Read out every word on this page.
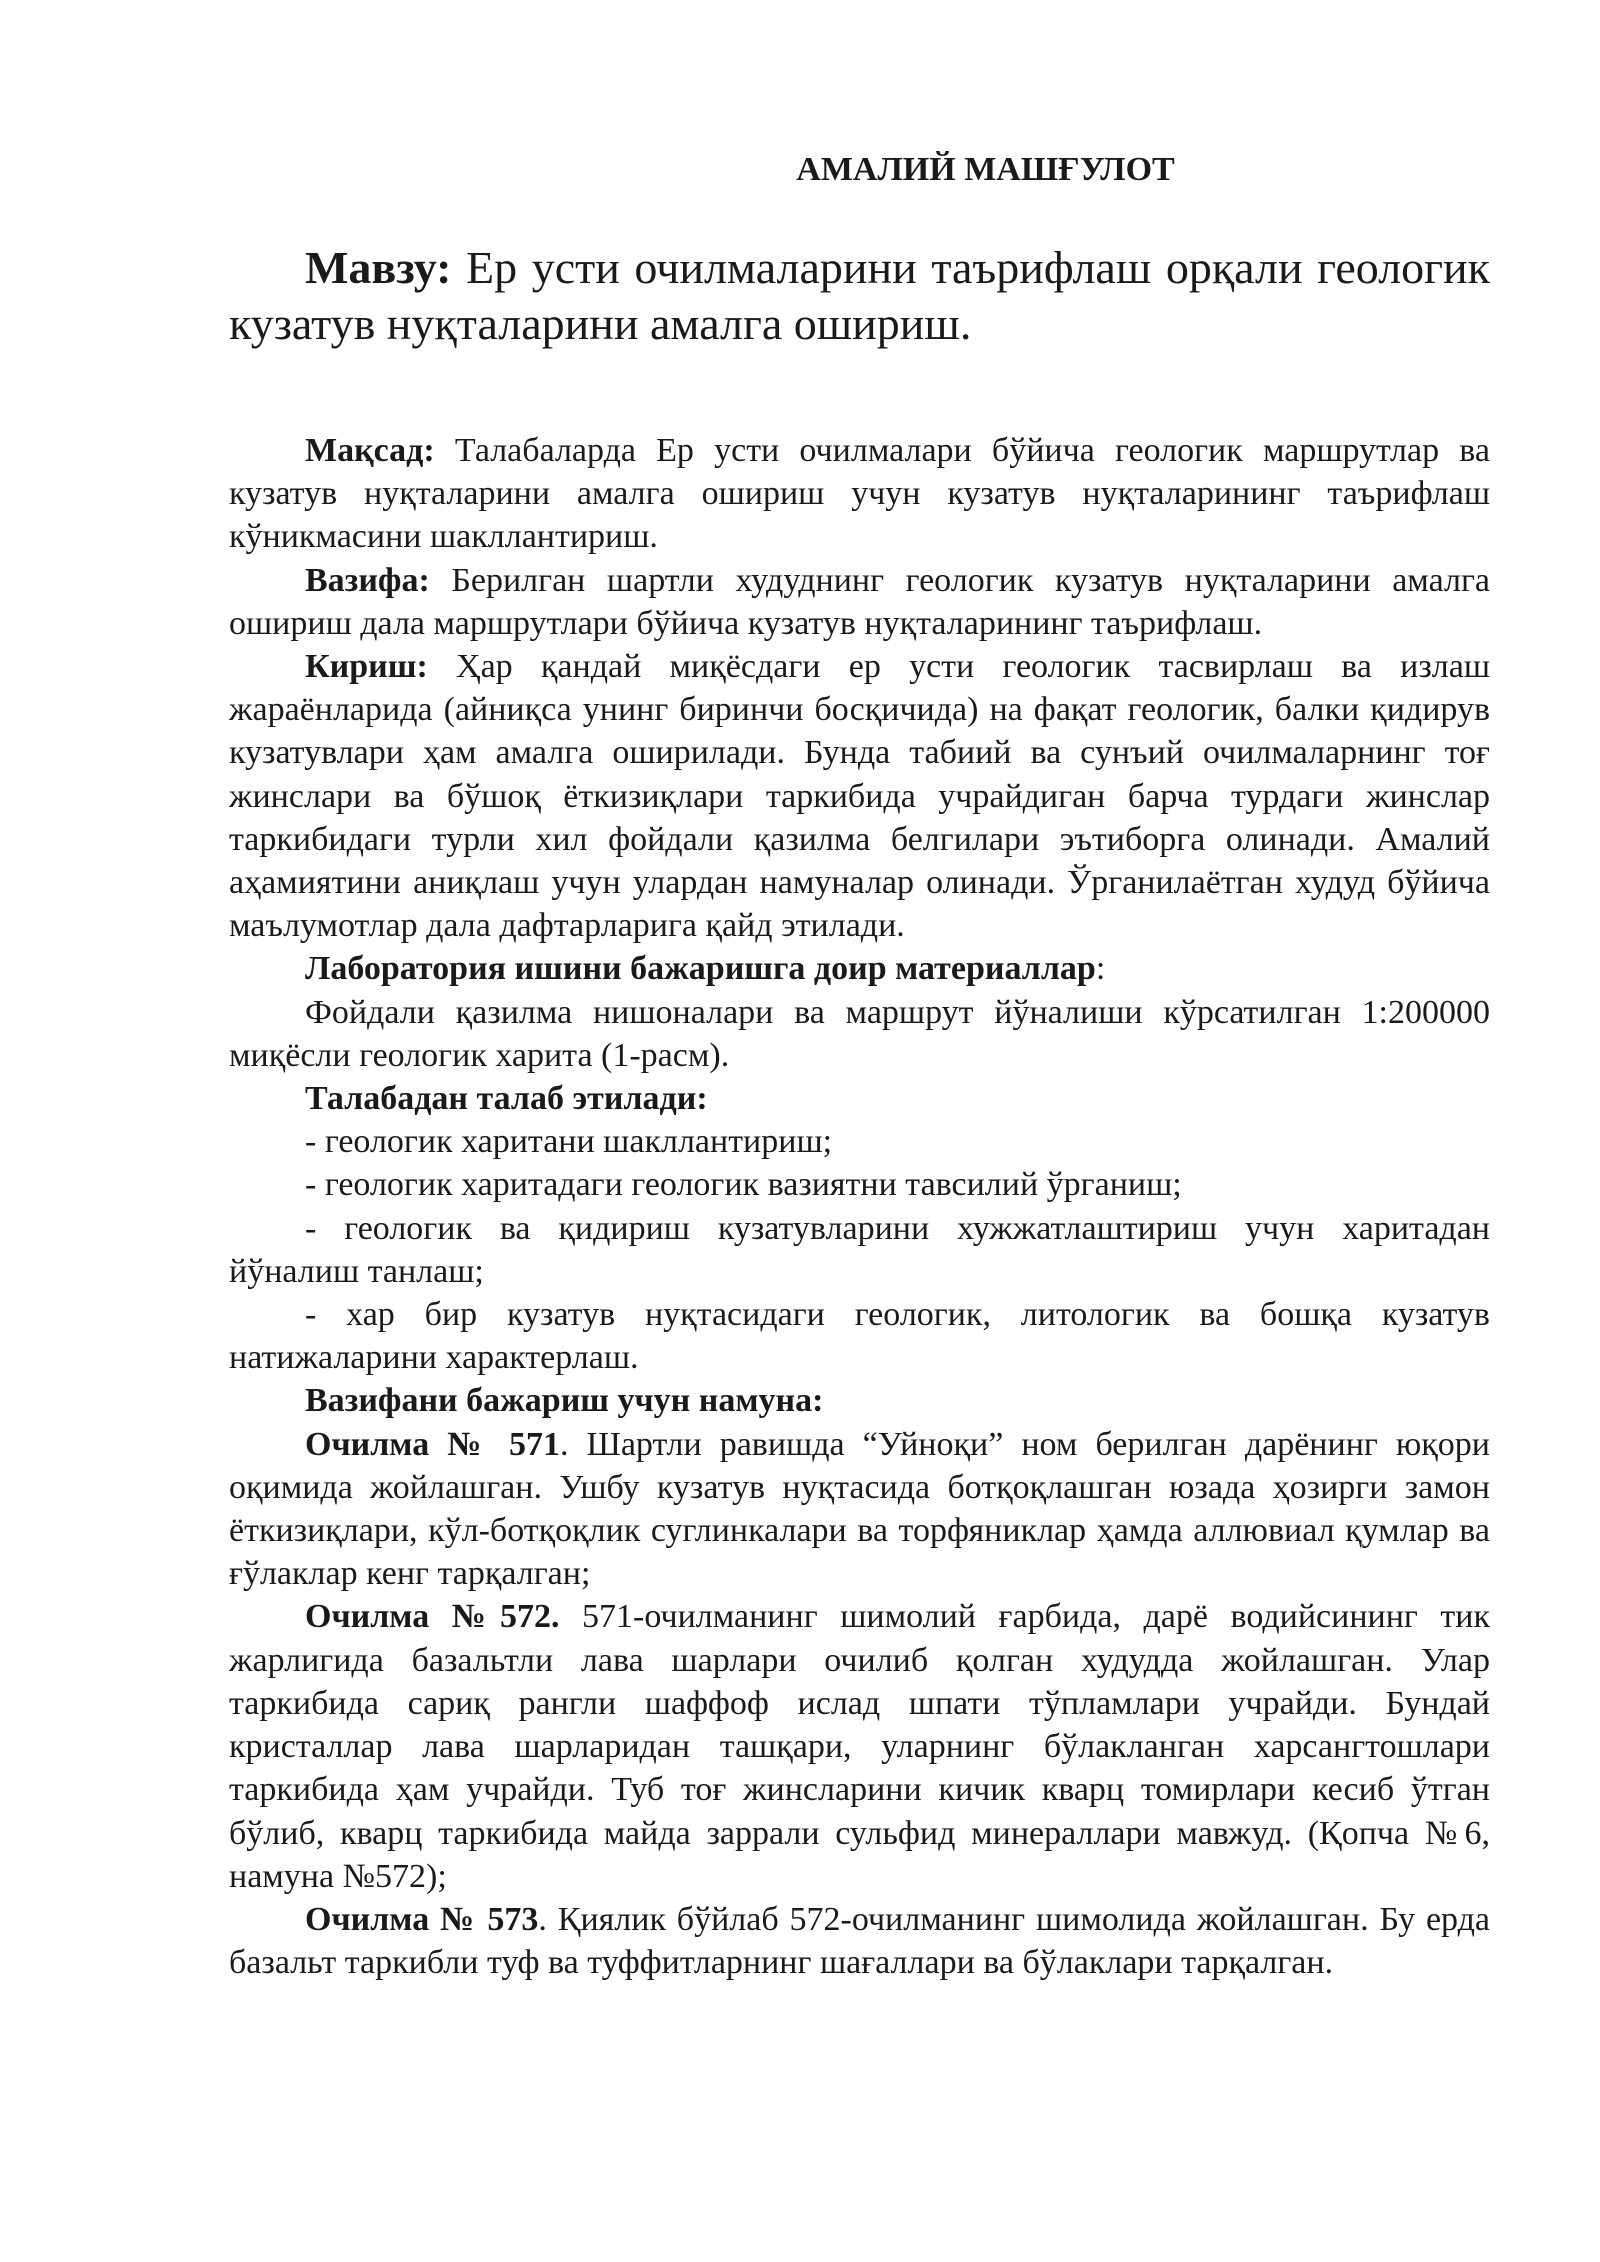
АМАЛИЙ МАШҒУЛОТ

Мавзу: Ер усти очилмаларини таърифлаш орқали геологик кузатув нуқталарини амалга ошириш.

Мақсад: Талабаларда Ер усти очилмалари бўйича геологик маршрутлар ва кузатув нуқталарини амалга ошириш учун кузатув нуқталарининг таърифлаш кўникмасини шакллантириш.

Вазифа: Берилган шартли худуднинг геологик кузатув нуқталарини амалга ошириш дала маршрутлари бўйича кузатув нуқталарининг таърифлаш.

Кириш: Ҳар қандай миқёсдаги ер усти геологик тасвирлаш ва излаш жараёнларида (айниқса унинг биринчи босқичида) на фақат геологик, балки қидирув кузатувлари ҳам амалга оширилади. Бунда табиий ва сунъий очилмаларнинг тоғ жинслари ва бўшоқ ёткизиқлари таркибида учрайдиган барча турдаги жинслар таркибидаги турли хил фойдали қазилма белгилари эътиборга олинади. Амалий аҳамиятини аниқлаш учун улардан намуналар олинади. Ўрганилаётган худуд бўйича маълумотлар дала дафтарларига қайд этилади.

Лаборатория ишини бажаришга доир материаллар:

Фойдали қазилма нишоналари ва маршрут йўналиши кўрсатилган 1:200000 миқёсли геологик харита (1-расм).

Талабадан талаб этилади:

- геологик харитани шакллантириш;

- геологик харитадаги геологик вазиятни тавсилий ўрганиш;

- геологик ва қидириш кузатувларини хужжатлаштириш учун харитадан йўналиш танлаш;

- хар бир кузатув нуқтасидаги геологик, литологик ва бошқа кузатув натижаларини характерлаш.

Вазифани бажариш учун намуна:

Очилма № 571. Шартли равишда “Уйноқи” ном берилган дарёнинг юқори оқимида жойлашган. Ушбу кузатув нуқтасида ботқоқлашган юзада ҳозирги замон ёткизиқлари, кўл-ботқоқлик суглинкалари ва торфяниклар ҳамда аллювиал қумлар ва ғўлаклар кенг тарқалган;

Очилма №572. 571-очилманинг шимолий ғарбида, дарё водийсининг тик жарлигида базальтли лава шарлари очилиб қолган худудда жойлашган. Улар таркибида сариқ рангли шаффоф ислад шпати тўпламлари учрайди. Бундай кристаллар лава шарларидан ташқари, уларнинг бўлакланган харсангтошлари таркибида ҳам учрайди. Туб тоғ жинсларини кичик кварц томирлари кесиб ўтган бўлиб, кварц таркибида майда заррали сульфид минераллари мавжуд. (Қопча №6, намуна №572);

Очилма № 573. Қиялик бўйлаб 572-очилманинг шимолида жойлашган. Бу ерда базальт таркибли туф ва туффитларнинг шағаллари ва бўлаклари тарқалган.
